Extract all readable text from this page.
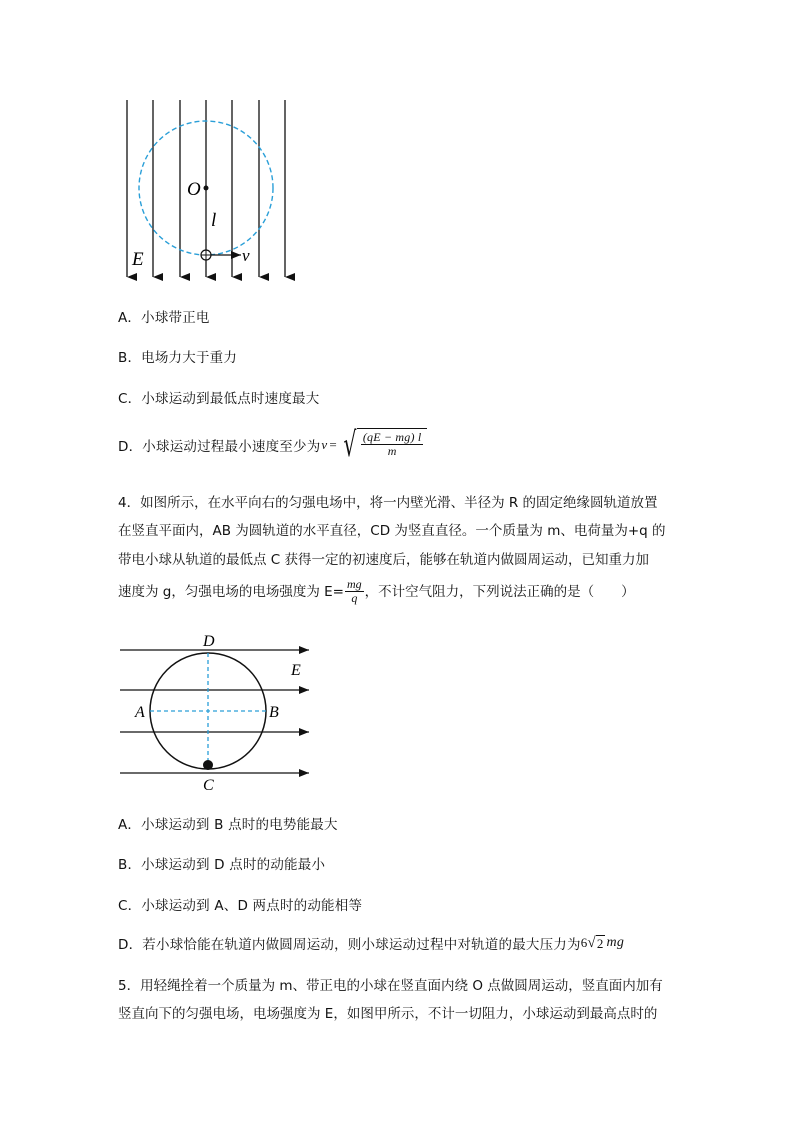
O
l
E	v
A．小球带正电
B．电场力大于重力
C．小球运动到最低点时速度最大
D．小球运动过程最小速度至少为 v = √ $\frac{(qE - mg) l}{m}$
4．如图所示，在水平向右的匀强电场中，将一内壁光滑、半径为 R 的固定绝缘圆轨道放置
在竖直平面内，AB 为圆轨道的水平直径，CD 为竖直直径。一个质量为 m、电荷量为+q 的
带电小球从轨道的最低点 C 获得一定的初速度后，能够在轨道内做圆周运动，已知重力加
速度为 g，匀强电场的电场强度为 $E= \frac{mg}{q}$ ，不计空气阻力，下列说法正确的是（　　）
D
E
A	B
C
A．小球运动到 B 点时的电势能最大
B．小球运动到 D 点时的动能最小
C．小球运动到 A、D 两点时的动能相等
D．若小球恰能在轨道内做圆周运动，则小球运动过程中对轨道的最大压力为 6 √ 2 mg
5．用轻绳拴着一个质量为 m、带正电的小球在竖直面内绕 O 点做圆周运动，竖直面内加有
竖直向下的匀强电场，电场强度为 E，如图甲所示，不计一切阻力，小球运动到最高点时的
